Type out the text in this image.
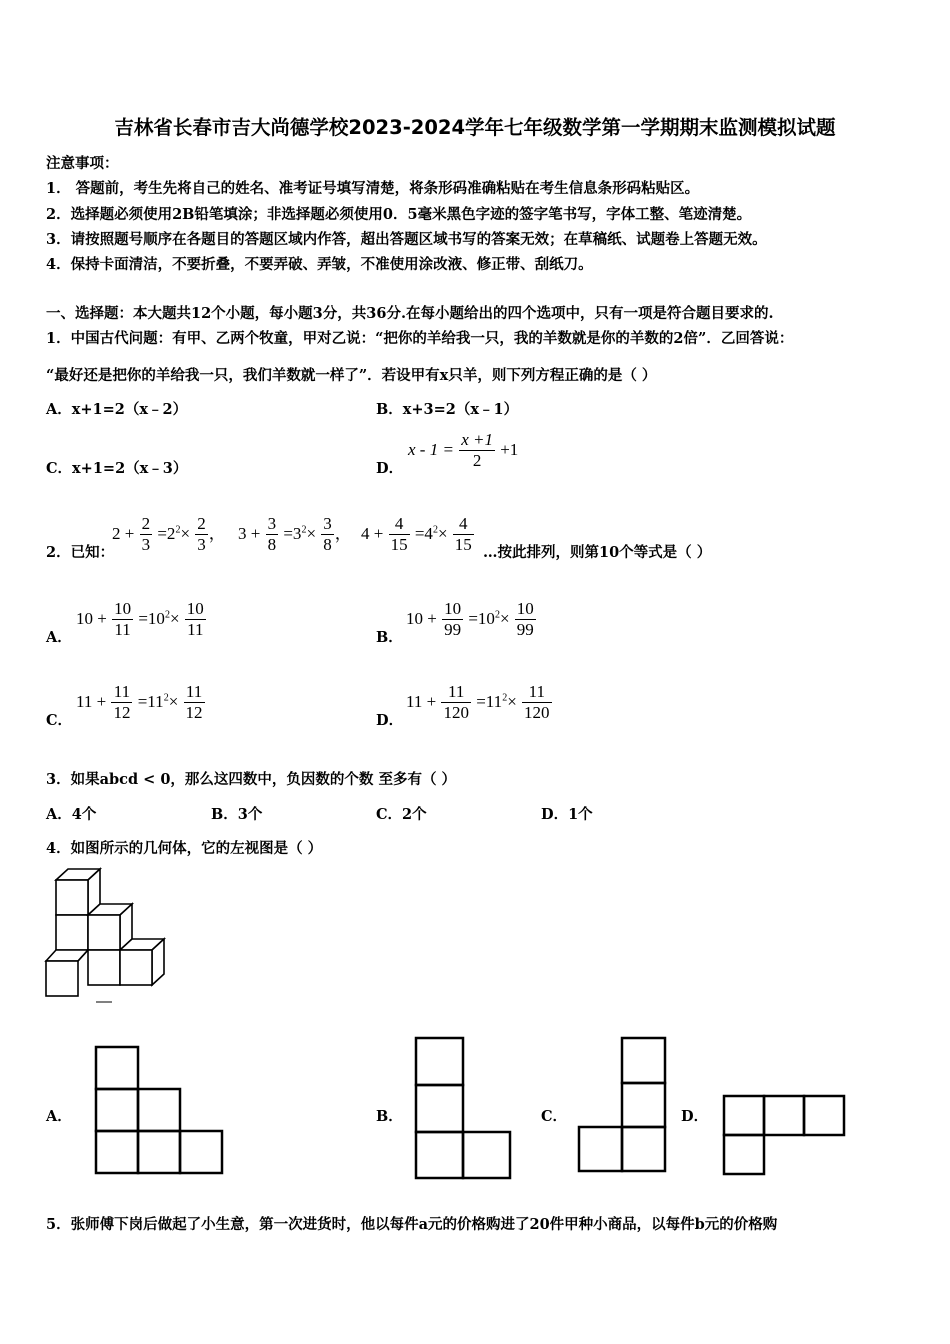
吉林省长春市吉大尚德学校2023-2024学年七年级数学第一学期期末监测模拟试题
注意事项：
1． 答题前，考生先将自己的姓名、准考证号填写清楚，将条形码准确粘贴在考生信息条形码粘贴区。
2．选择题必须使用2B铅笔填涂；非选择题必须使用0．5毫米黑色字迹的签字笔书写，字体工整、笔迹清楚。
3．请按照题号顺序在各题目的答题区域内作答，超出答题区域书写的答案无效；在草稿纸、试题卷上答题无效。
4．保持卡面清洁，不要折叠，不要弄破、弄皱，不准使用涂改液、修正带、刮纸刀。
一、选择题：本大题共12个小题，每小题3分，共36分.在每小题给出的四个选项中，只有一项是符合题目要求的.
1．中国古代问题：有甲、乙两个牧童，甲对乙说：“把你的羊给我一只，我的羊数就是你的羊数的2倍”．乙回答说：
“最好还是把你的羊给我一只，我们羊数就一样了”．若设甲有x只羊，则下列方程正确的是（ ）
A．x+1=2（x﹣2）	B．x+3=2（x﹣1）
C．x+1=2（x﹣3）	D．
$x - 1 = \frac{x +1}{2} +1$
2．已知：
$2 + \frac{2}{3} =2^2\times \frac{2}{3}$ ， $3 + \frac{3}{8} =3^2\times \frac{3}{8}$ ， $4 + \frac{4}{15} =4^2\times \frac{4}{15}$ …按此排列，则第10个等式是（ ）
A．
$10 + \frac{10}{11} =10^2\times \frac{10}{11}$	B．
$10 + \frac{10}{99} =10^2\times \frac{10}{99}$
C．
$11 + \frac{11}{12} =11^2\times \frac{11}{12}$	D．
$11 + \frac{11}{120} =11^2\times \frac{11}{120}$
3．如果abcd < 0，那么这四数中，负因数的个数 至多有（ ）
A．4个	B．3个	C．2个	D．1个
4．如图所示的几何体，它的左视图是（ ）
A．	B．	C．	D．
5．张师傅下岗后做起了小生意，第一次进货时，他以每件a元的价格购进了20件甲种小商品，以每件b元的价格购
